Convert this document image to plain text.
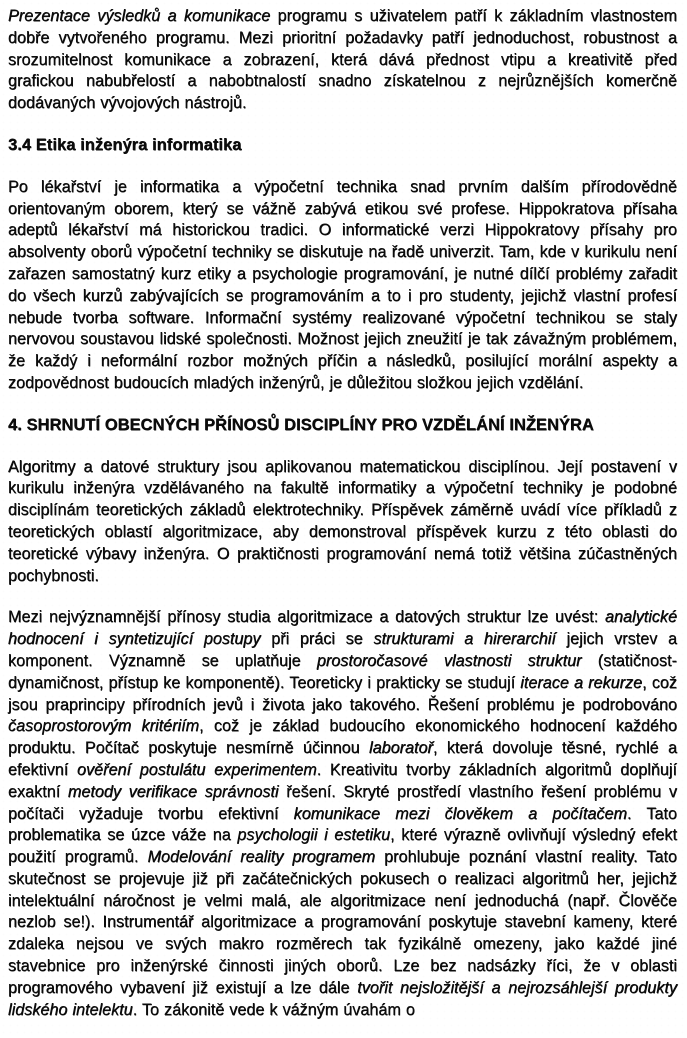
Prezentace výsledků a komunikace programu s uživatelem patří k základním vlastnostem dobře vytvořeného programu. Mezi prioritní požadavky patří jednoduchost, robustnost a srozumitelnost komunikace a zobrazení, která dává přednost vtipu a kreativitě před grafickou nabubřelostí a nabobtnalostí snadno získatelnou z nejrůznějších komerčně dodávaných vývojových nástrojů.

3.4 Etika inženýra informatika

Po lékařství je informatika a výpočetní technika snad prvním dalším přírodovědně orientovaným oborem, který se vážně zabývá etikou své profese. Hippokratova přísaha adeptů lékařství má historickou tradici. O informatické verzi Hippokratovy přísahy pro absolventy oborů výpočetní techniky se diskutuje na řadě univerzit. Tam, kde v kurikulu není zařazen samostatný kurz etiky a psychologie programování, je nutné dílčí problémy zařadit do všech kurzů zabývajících se programováním a to i pro studenty, jejichž vlastní profesí nebude tvorba software. Informační systémy realizované výpočetní technikou se staly nervovou soustavou lidské společnosti. Možnost jejich zneužití je tak závažným problémem, že každý i neformální rozbor možných příčin a následků, posilující morální aspekty a zodpovědnost budoucích mladých inženýrů, je důležitou složkou jejich vzdělání.

4. SHRNUTÍ OBECNÝCH PŘÍNOSŮ DISCIPLÍNY PRO VZDĚLÁNÍ INŽENÝRA

Algoritmy a datové struktury jsou aplikovanou matematickou disciplínou. Její postavení v kurikulu inženýra vzdělávaného na fakultě informatiky a výpočetní techniky je podobné disciplínám teoretických základů elektrotechniky. Příspěvek záměrně uvádí více příkladů z teoretických oblastí algoritmizace, aby demonstroval příspěvek kurzu z této oblasti do teoretické výbavy inženýra. O praktičnosti programování nemá totiž většina zúčastněných pochybnosti.

Mezi nejvýznamnější přínosy studia algoritmizace a datových struktur lze uvést: analytické hodnocení i syntetizující postupy při práci se strukturami a hirerarchií jejich vrstev a komponent. Významně se uplatňuje prostoročasové vlastnosti struktur (statičnost-dynamičnost, přístup ke komponentě). Teoreticky i prakticky se studují iterace a rekurze, což jsou praprincipy přírodních jevů i života jako takového. Řešení problému je podrobováno časoprostorovým kritériím, což je základ budoucího ekonomického hodnocení každého produktu. Počítač poskytuje nesmírně účinnou laboratoř, která dovoluje těsné, rychlé a efektivní ověření postulátu experimentem. Kreativitu tvorby základních algoritmů doplňují exaktní metody verifikace správnosti řešení. Skryté prostředí vlastního řešení problému v počítači vyžaduje tvorbu efektivní komunikace mezi člověkem a počítačem. Tato problematika se úzce váže na psychologii i estetiku, které výrazně ovlivňují výsledný efekt použití programů. Modelování reality programem prohlubuje poznání vlastní reality. Tato skutečnost se projevuje již při začátečnických pokusech o realizaci algoritmů her, jejichž intelektuální náročnost je velmi malá, ale algoritmizace není jednoduchá (např. Člověče nezlob se!). Instrumentář algoritmizace a programování poskytuje stavební kameny, které zdaleka nejsou ve svých makro rozměrech tak fyzikálně omezeny, jako každé jiné stavebnice pro inženýrské činnosti jiných oborů. Lze bez nadsázky říci, že v oblasti programového vybavení již existují a lze dále tvořit nejsložitější a nejrozsáhlejší produkty lidského intelektu. To zákonitě vede k vážným úvahám o
